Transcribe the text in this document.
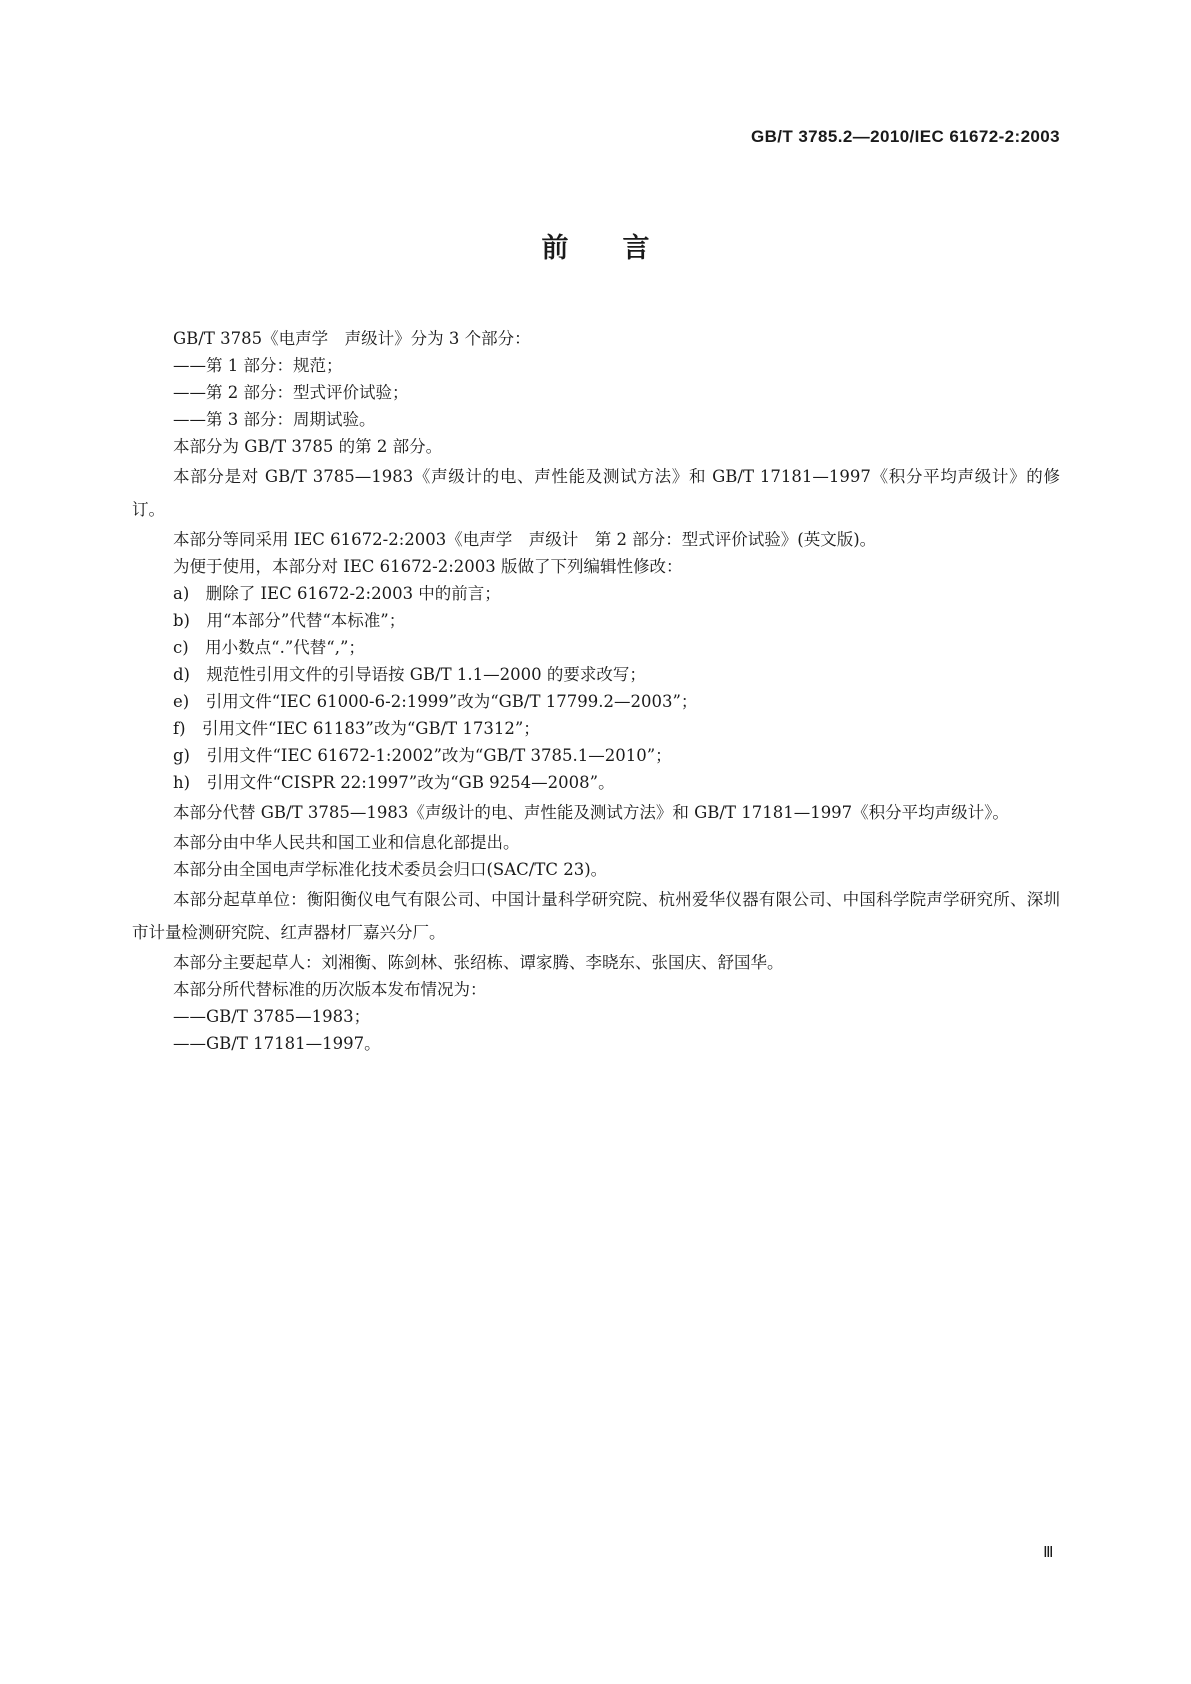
GB/T 3785.2—2010/IEC 61672-2:2003
前言

GB/T 3785《电声学　声级计》分为 3 个部分：

——第 1 部分：规范；

——第 2 部分：型式评价试验；

——第 3 部分：周期试验。

本部分为 GB/T 3785 的第 2 部分。

本部分是对 GB/T 3785—1983《声级计的电、声性能及测试方法》和 GB/T 17181—1997《积分平均声级计》的修订。

本部分等同采用 IEC 61672-2:2003《电声学　声级计　第 2 部分：型式评价试验》(英文版)。

为便于使用，本部分对 IEC 61672-2:2003 版做了下列编辑性修改：

a)　删除了 IEC 61672-2:2003 中的前言；

b)　用“本部分”代替“本标准”；

c)　用小数点“.”代替“,”；

d)　规范性引用文件的引导语按 GB/T 1.1—2000 的要求改写；

e)　引用文件“IEC 61000-6-2:1999”改为“GB/T 17799.2—2003”；

f)　引用文件“IEC 61183”改为“GB/T 17312”；

g)　引用文件“IEC 61672-1:2002”改为“GB/T 3785.1—2010”；

h)　引用文件“CISPR 22:1997”改为“GB 9254—2008”。

本部分代替 GB/T 3785—1983《声级计的电、声性能及测试方法》和 GB/T 17181—1997《积分平均声级计》。

本部分由中华人民共和国工业和信息化部提出。

本部分由全国电声学标准化技术委员会归口(SAC/TC 23)。

本部分起草单位：衡阳衡仪电气有限公司、中国计量科学研究院、杭州爱华仪器有限公司、中国科学院声学研究所、深圳市计量检测研究院、红声器材厂嘉兴分厂。

本部分主要起草人：刘湘衡、陈剑林、张绍栋、谭家腾、李晓东、张国庆、舒国华。

本部分所代替标准的历次版本发布情况为：

——GB/T 3785—1983；

——GB/T 17181—1997。

Ⅲ
